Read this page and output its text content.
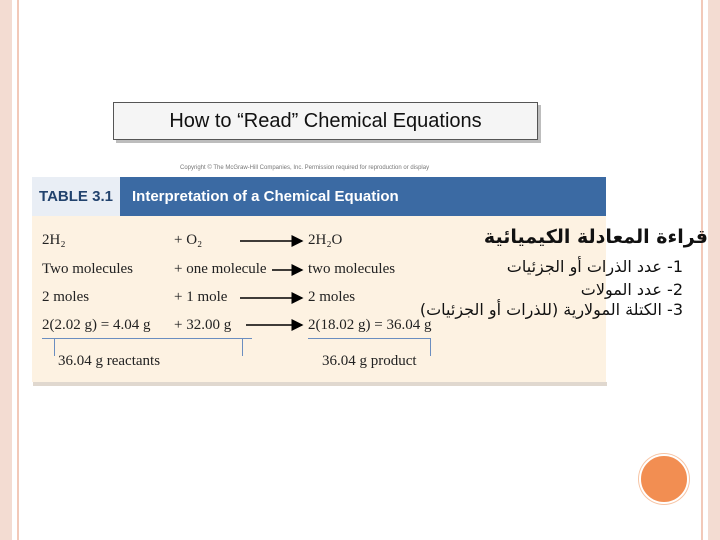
How to “Read” Chemical Equations
Copyright © The McGraw-Hill Companies, Inc. Permission required for reproduction or display
TABLE 3.1	Interpretation of a Chemical Equation
2H₂
Two molecules
2 moles
2(2.02 g) = 4.04 g
+ O₂
+ one molecule
+ 1 mole
+ 32.00 g
2H₂O
two molecules
2 moles
2(18.02 g) = 36.04 g
36.04 g reactants	36.04 g product
قراءة المعادلة الكيميائية
1- عدد الذرات أو الجزئيات
2- عدد المولات
3- الكتلة المولارية (للذرات أو الجزئيات)
